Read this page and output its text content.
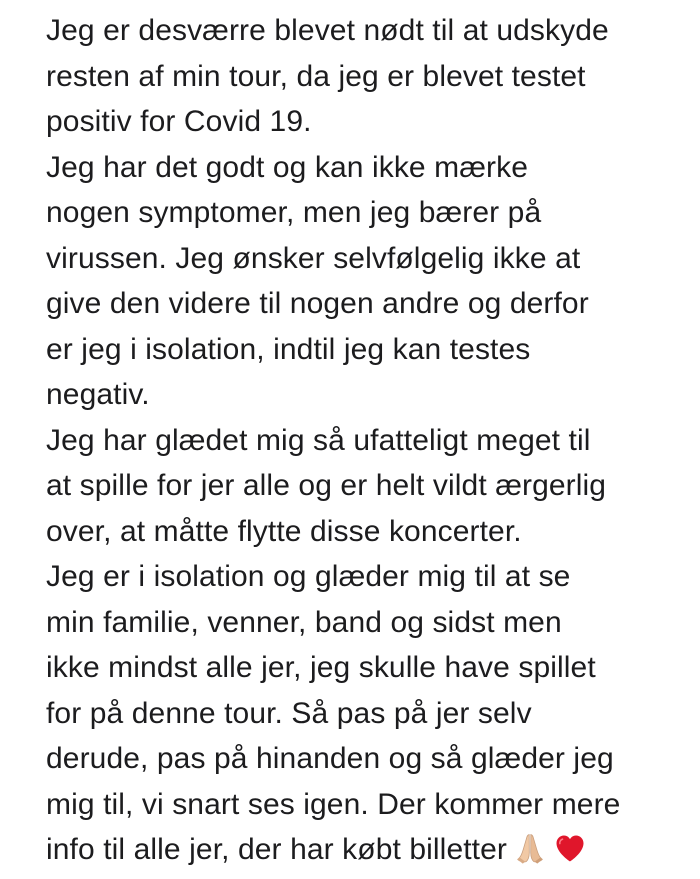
Jeg er desværre blevet nødt til at udskyde
resten af min tour, da jeg er blevet testet
positiv for Covid 19.
Jeg har det godt og kan ikke mærke
nogen symptomer, men jeg bærer på
virussen. Jeg ønsker selvfølgelig ikke at
give den videre til nogen andre og derfor
er jeg i isolation, indtil jeg kan testes
negativ.
Jeg har glædet mig så ufatteligt meget til
at spille for jer alle og er helt vildt ærgerlig
over, at måtte flytte disse koncerter.
Jeg er i isolation og glæder mig til at se
min familie, venner, band og sidst men
ikke mindst alle jer, jeg skulle have spillet
for på denne tour. Så pas på jer selv
derude, pas på hinanden og så glæder jeg
mig til, vi snart ses igen. Der kommer mere
info til alle jer, der har købt billetter
